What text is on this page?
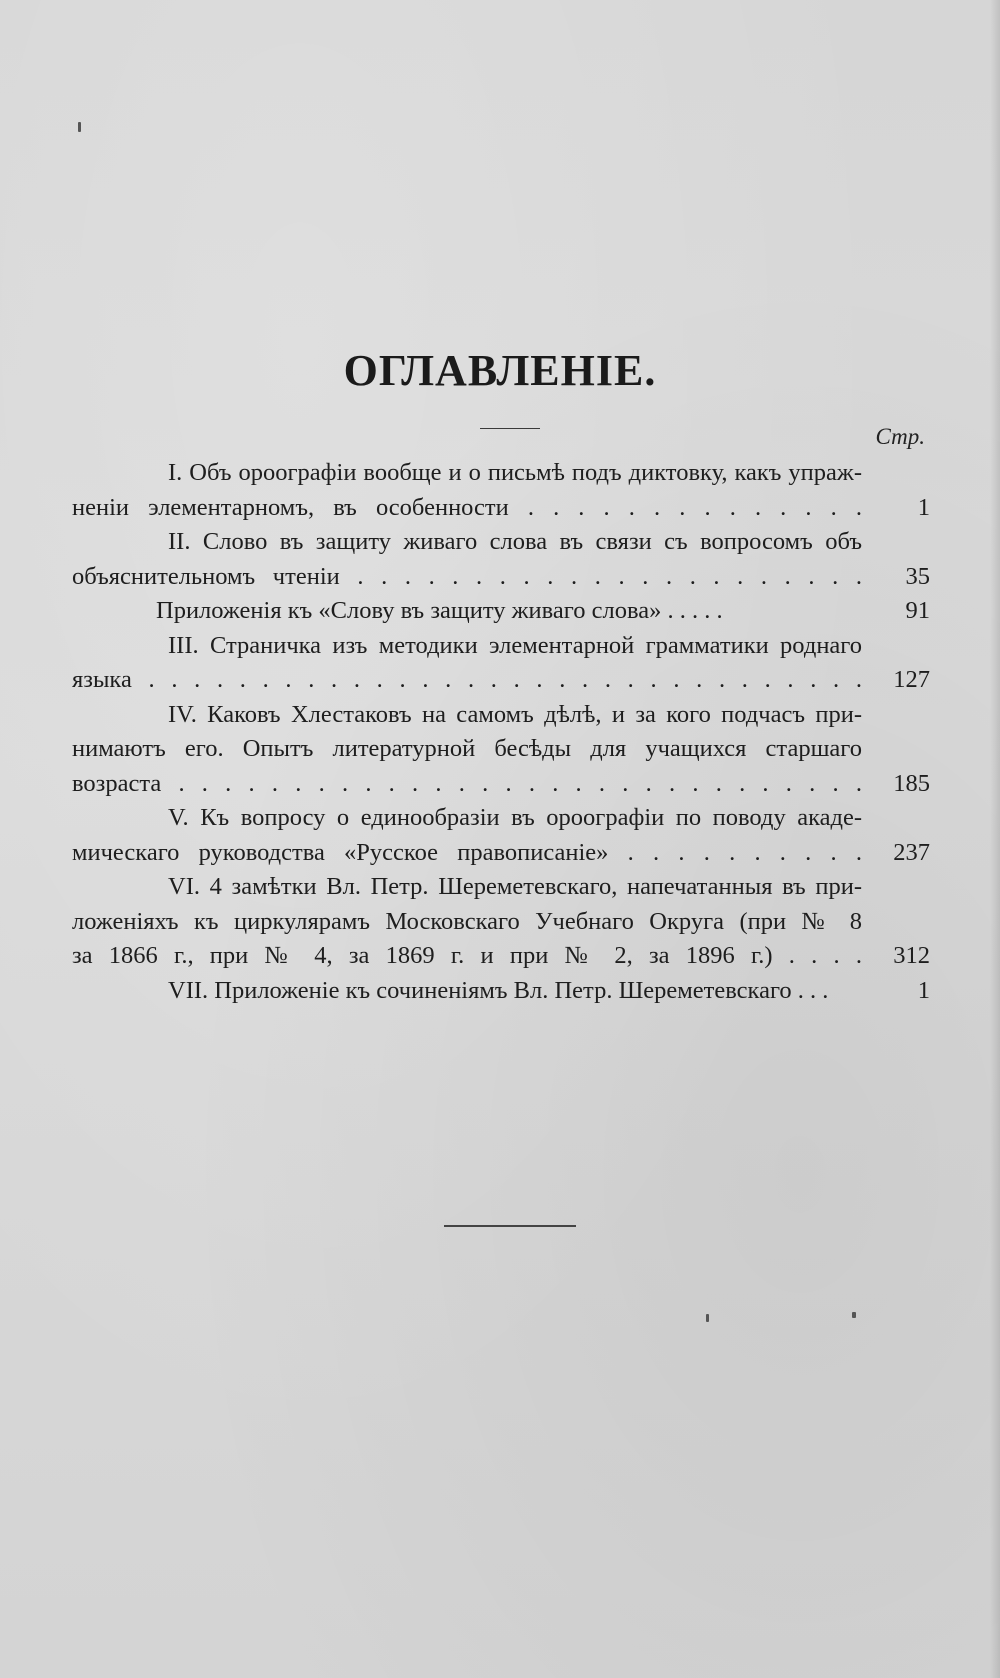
ОГЛАВЛЕНІЕ.
Стр.
I. Объ ороографіи вообще и о письмѣ подъ диктовку, какъ упраж-
неніи элементарномъ, въ особенности . . . . . . . . . . . . . .	1
II. Слово въ защиту живаго слова въ связи съ вопросомъ объ
объяснительномъ чтеніи . . . . . . . . . . . . . . . . . . . . . .	35
Приложенія къ «Слову въ защиту живаго слова» . . . . .	91
III. Страничка изъ методики элементарной грамматики роднаго
языка . . . . . . . . . . . . . . . . . . . . . . . . . . . . . . . .	127
IV. Каковъ Хлестаковъ на самомъ дѣлѣ, и за кого подчасъ при-
нимаютъ его. Опытъ литературной бесѣды для учащихся старшаго
возраста . . . . . . . . . . . . . . . . . . . . . . . . . . . . . .	185
V. Къ вопросу о единообразіи въ ороографіи по поводу акаде-
мическаго руководства «Русское правописаніе» . . . . . . . . . .	237
VI. 4 замѣтки Вл. Петр. Шереметевскаго, напечатанныя въ при-
ложеніяхъ къ циркулярамъ Московскаго Учебнаго Округа (при № 8
за 1866 г., при № 4, за 1869 г. и при № 2, за 1896 г.) . . . .	312
VII. Приложеніе къ сочиненіямъ Вл. Петр. Шереметевскаго . . .	1
